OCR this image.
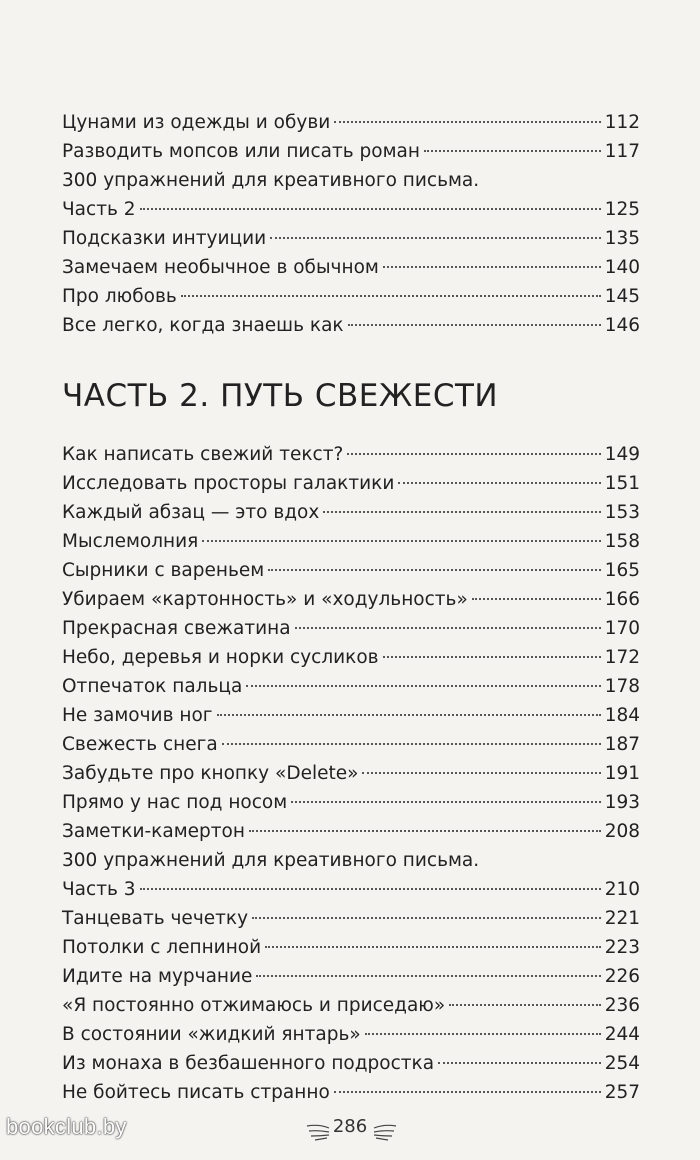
Цунами из одежды и обуви	112
Разводить мопсов или писать роман	117
300 упражнений для креативного письма.
Часть 2	125
Подсказки интуиции	135
Замечаем необычное в обычном	140
Про любовь	145
Все легко, когда знаешь как	146
ЧАСТЬ 2. ПУТЬ СВЕЖЕСТИ
Как написать свежий текст?	149
Исследовать просторы галактики	151
Каждый абзац — это вдох	153
Мыслемолния	158
Сырники с вареньем	165
Убираем «картонность» и «ходульность»	166
Прекрасная свежатина	170
Небо, деревья и норки сусликов	172
Отпечаток пальца	178
Не замочив ног	184
Свежесть снега	187
Забудьте про кнопку «Delete»	191
Прямо у нас под носом	193
Заметки-камертон	208
300 упражнений для креативного письма.
Часть 3	210
Танцевать чечетку	221
Потолки с лепниной	223
Идите на мурчание	226
«Я постоянно отжимаюсь и приседаю»	236
В состоянии «жидкий янтарь»	244
Из монаха в безбашенного подростка	254
Не бойтесь писать странно	257
286
bookclub.by
